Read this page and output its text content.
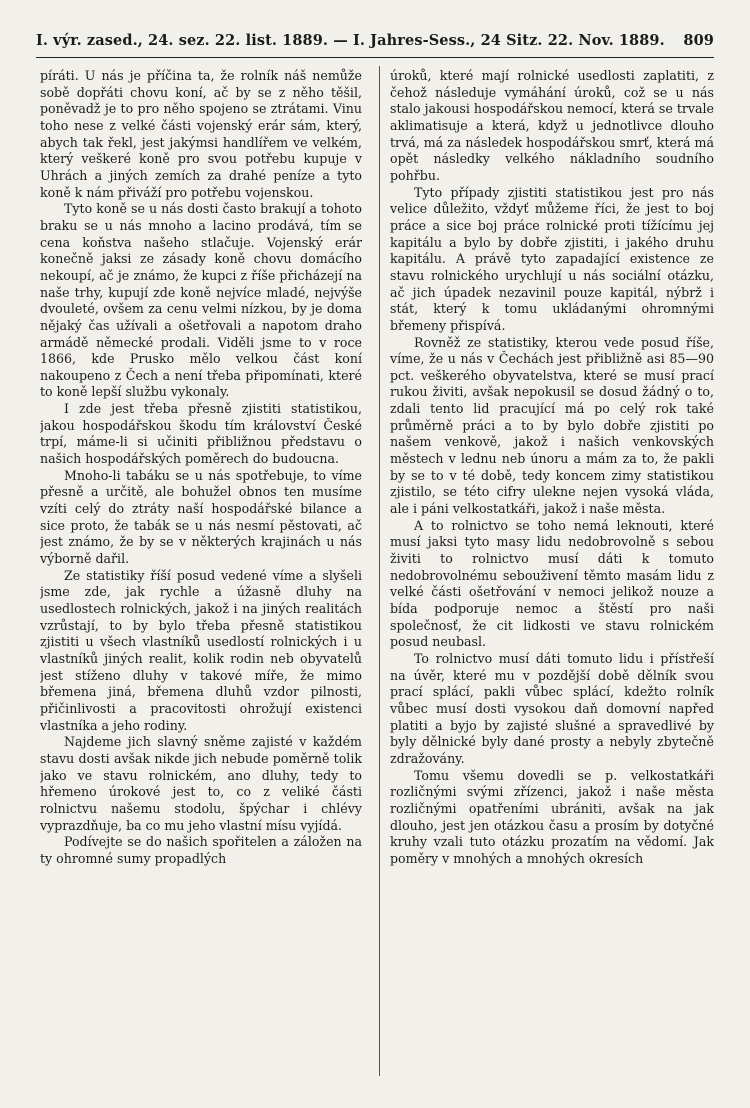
I. výr. zased., 24. sez. 22. list. 1889. — I. Jahres-Sess., 24 Sitz. 22. Nov. 1889. 809

píráti. U nás je příčina ta, že rolník náš nemůže sobě dopřáti chovu koní, ač by se z něho těšil, poněvadž je to pro něho spojeno se ztrátami. Vinu toho nese z velké části vojenský erár sám, který, abych tak řekl, jest jakýmsi handlířem ve velkém, který veškeré koně pro svou potřebu kupuje v Uhrách a jiných zemích za drahé peníze a tyto koně k nám přiváží pro potřebu vojenskou.

Tyto koně se u nás dosti často brakují a tohoto braku se u nás mnoho a lacino prodává, tím se cena koňstva našeho stlačuje. Vojenský erár konečně jaksi ze zásady koně chovu domácího nekoupí, ač je známo, že kupci z říše přicházejí na naše trhy, kupují zde koně nejvíce mladé, nejvýše dvouleté, ovšem za cenu velmi nízkou, by je doma nějaký čas užívali a ošetřovali a napotom draho armádě německé prodali. Viděli jsme to v roce 1866, kde Prusko mělo velkou část koní nakoupeno z Čech a není třeba připomínati, které to koně lepší službu vykonaly.

I zde jest třeba přesně zjistiti statistikou, jakou hospodářskou škodu tím království České trpí, máme-li si učiniti přibližnou představu o našich hospodářských poměrech do budoucna.

Mnoho-li tabáku se u nás spotřebuje, to víme přesně a určitě, ale bohužel obnos ten musíme vzíti celý do ztráty naší hospodářské bilance a sice proto, že tabák se u nás nesmí pěstovati, ač jest známo, že by se v některých krajinách u nás výborně dařil.

Ze statistiky říší posud vedené víme a slyšeli jsme zde, jak rychle a úžasně dluhy na usedlostech rolnických, jakož i na jiných realitách vzrůstají, to by bylo třeba přesně statistikou zjistiti u všech vlastníků usedlostí rolnických i u vlastníků jiných realit, kolik rodin neb obyvatelů jest stíženo dluhy v takové míře, že mimo břemena jiná, břemena dluhů vzdor pilnosti, přičinlivosti a pracovitosti ohrožují existenci vlastníka a jeho rodiny.

Najdeme jich slavný sněme zajisté v každém stavu dosti avšak nikde jich nebude poměrně tolik jako ve stavu rolnickém, ano dluhy, tedy to hřemeno úrokové jest to, co z veliké části rolnictvu našemu stodolu, špýchar i chlévy vyprazdňuje, ba co mu jeho vlastní mísu vyjídá.

Podívejte se do našich spořitelen a záložen na ty ohromné sumy propadlých

úroků, které mají rolnické usedlosti zaplatiti, z čehož následuje vymáhání úroků, což se u nás stalo jakousi hospodářskou nemocí, která se trvale aklimatisuje a která, když u jednotlivce dlouho trvá, má za následek hospodářskou smrť, která má opět následky velkého nákladního soudního pohřbu.

Tyto případy zjistiti statistikou jest pro nás velice důležito, vždyť můžeme říci, že jest to boj práce a sice boj práce rolnické proti tížícímu jej kapitálu a bylo by dobře zjistiti, i jakého druhu kapitálu. A právě tyto zapadající existence ze stavu rolnického urychlují u nás sociální otázku, ač jich úpadek nezavinil pouze kapitál, nýbrž i stát, který k tomu ukládanými ohromnými břemeny přispívá.

Rovněž ze statistiky, kterou vede posud říše, víme, že u nás v Čechách jest přibližně asi 85—90 pct. veškerého obyvatelstva, které se musí prací rukou živiti, avšak nepokusil se dosud žádný o to, zdali tento lid pracující má po celý rok také průměrně práci a to by bylo dobře zjistiti po našem venkově, jakož i našich venkovských městech v lednu neb únoru a mám za to, že pakli by se to v té době, tedy koncem zimy statistikou zjistilo, se této cifry ulekne nejen vysoká vláda, ale i páni velkostatkáři, jakož i naše města.

A to rolnictvo se toho nemá leknouti, které musí jaksi tyto masy lidu nedobrovolně s sebou živiti to rolnictvo musí dáti k tomuto nedobrovolnému sebouživení těmto masám lidu z velké části ošetřování v nemoci jelikož nouze a bída podporuje nemoc a štěstí pro naši společnosť, že cit lidkosti ve stavu rolnickém posud neubasl.

To rolnictvo musí dáti tomuto lidu i přístřeší na úvěr, které mu v pozdější době dělník svou prací splácí, pakli vůbec splácí, kdežto rolník vůbec musí dosti vysokou daň domovní napřed platiti a byjo by zajisté slušné a spravedlivé by byly dělnické byly dané prosty a nebyly zbytečně zdražovány.

Tomu všemu dovedli se p. velkostatkáři rozličnými svými zřízenci, jakož i naše města rozličnými opatřeními ubrániti, avšak na jak dlouho, jest jen otázkou času a prosím by dotyčné kruhy vzali tuto otázku prozatím na vědomí. Jak poměry v mnohých a mnohých okresích
